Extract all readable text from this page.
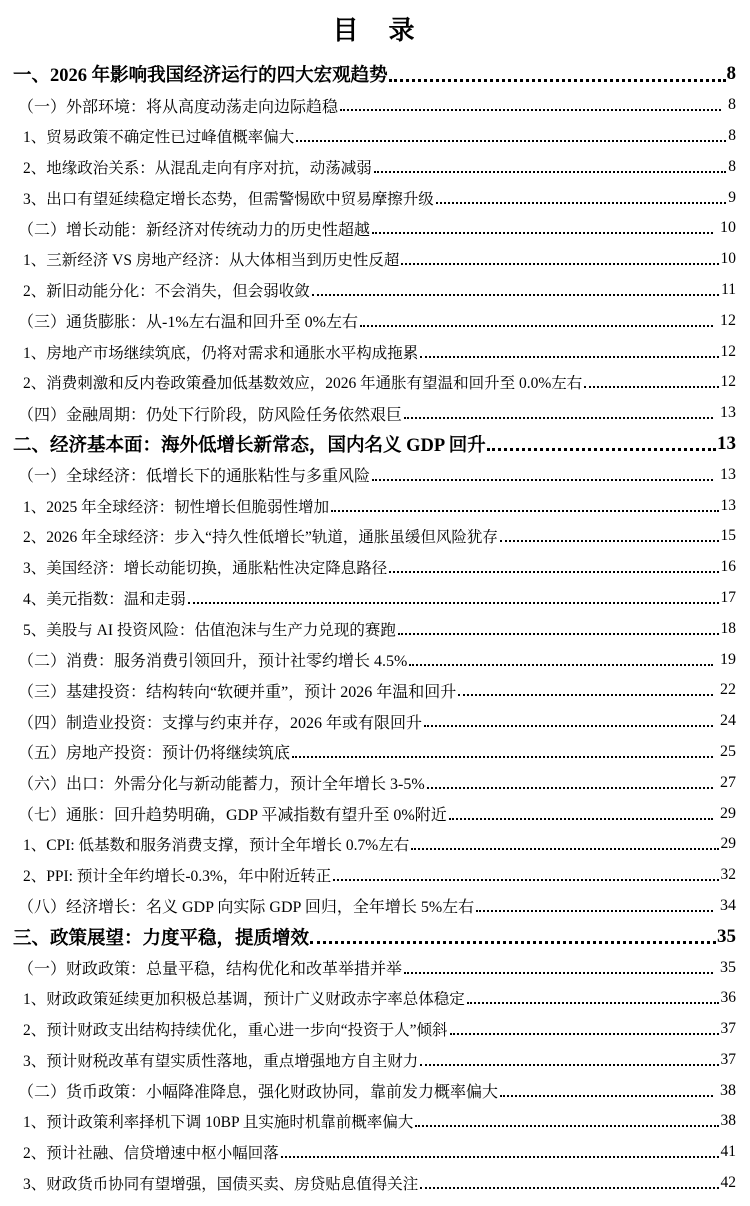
目　录
一、2026 年影响我国经济运行的四大宏观趋势	8
（一）外部环境：将从高度动荡走向边际趋稳	8
1、贸易政策不确定性已过峰值概率偏大	8
2、地缘政治关系：从混乱走向有序对抗，动荡减弱	8
3、出口有望延续稳定增长态势，但需警惕欧中贸易摩擦升级	9
（二）增长动能：新经济对传统动力的历史性超越	10
1、三新经济 VS 房地产经济：从大体相当到历史性反超	10
2、新旧动能分化：不会消失，但会弱收敛	11
（三）通货膨胀：从-1%左右温和回升至 0%左右	12
1、房地产市场继续筑底，仍将对需求和通胀水平构成拖累	12
2、消费刺激和反内卷政策叠加低基数效应，2026 年通胀有望温和回升至 0.0%左右	12
（四）金融周期：仍处下行阶段，防风险任务依然艰巨	13
二、经济基本面：海外低增长新常态，国内名义 GDP 回升	13
（一）全球经济：低增长下的通胀粘性与多重风险	13
1、2025 年全球经济：韧性增长但脆弱性增加	13
2、2026 年全球经济：步入“持久性低增长”轨道，通胀虽缓但风险犹存	15
3、美国经济：增长动能切换，通胀粘性决定降息路径	16
4、美元指数：温和走弱	17
5、美股与 AI 投资风险：估值泡沫与生产力兑现的赛跑	18
（二）消费：服务消费引领回升，预计社零约增长 4.5%	19
（三）基建投资：结构转向“软硬并重”，预计 2026 年温和回升	22
（四）制造业投资：支撑与约束并存，2026 年或有限回升	24
（五）房地产投资：预计仍将继续筑底	25
（六）出口：外需分化与新动能蓄力，预计全年增长 3-5%	27
（七）通胀：回升趋势明确，GDP 平减指数有望升至 0%附近	29
1、CPI: 低基数和服务消费支撑，预计全年增长 0.7%左右	29
2、PPI: 预计全年约增长-0.3%，年中附近转正	32
（八）经济增长：名义 GDP 向实际 GDP 回归，全年增长 5%左右	34
三、政策展望：力度平稳，提质增效	35
（一）财政政策：总量平稳，结构优化和改革举措并举	35
1、财政政策延续更加积极总基调，预计广义财政赤字率总体稳定	36
2、预计财政支出结构持续优化，重心进一步向“投资于人”倾斜	37
3、预计财税改革有望实质性落地，重点增强地方自主财力	37
（二）货币政策：小幅降准降息，强化财政协同，靠前发力概率偏大	38
1、预计政策利率择机下调 10BP 且实施时机靠前概率偏大	38
2、预计社融、信贷增速中枢小幅回落	41
3、财政货币协同有望增强，国债买卖、房贷贴息值得关注	42
